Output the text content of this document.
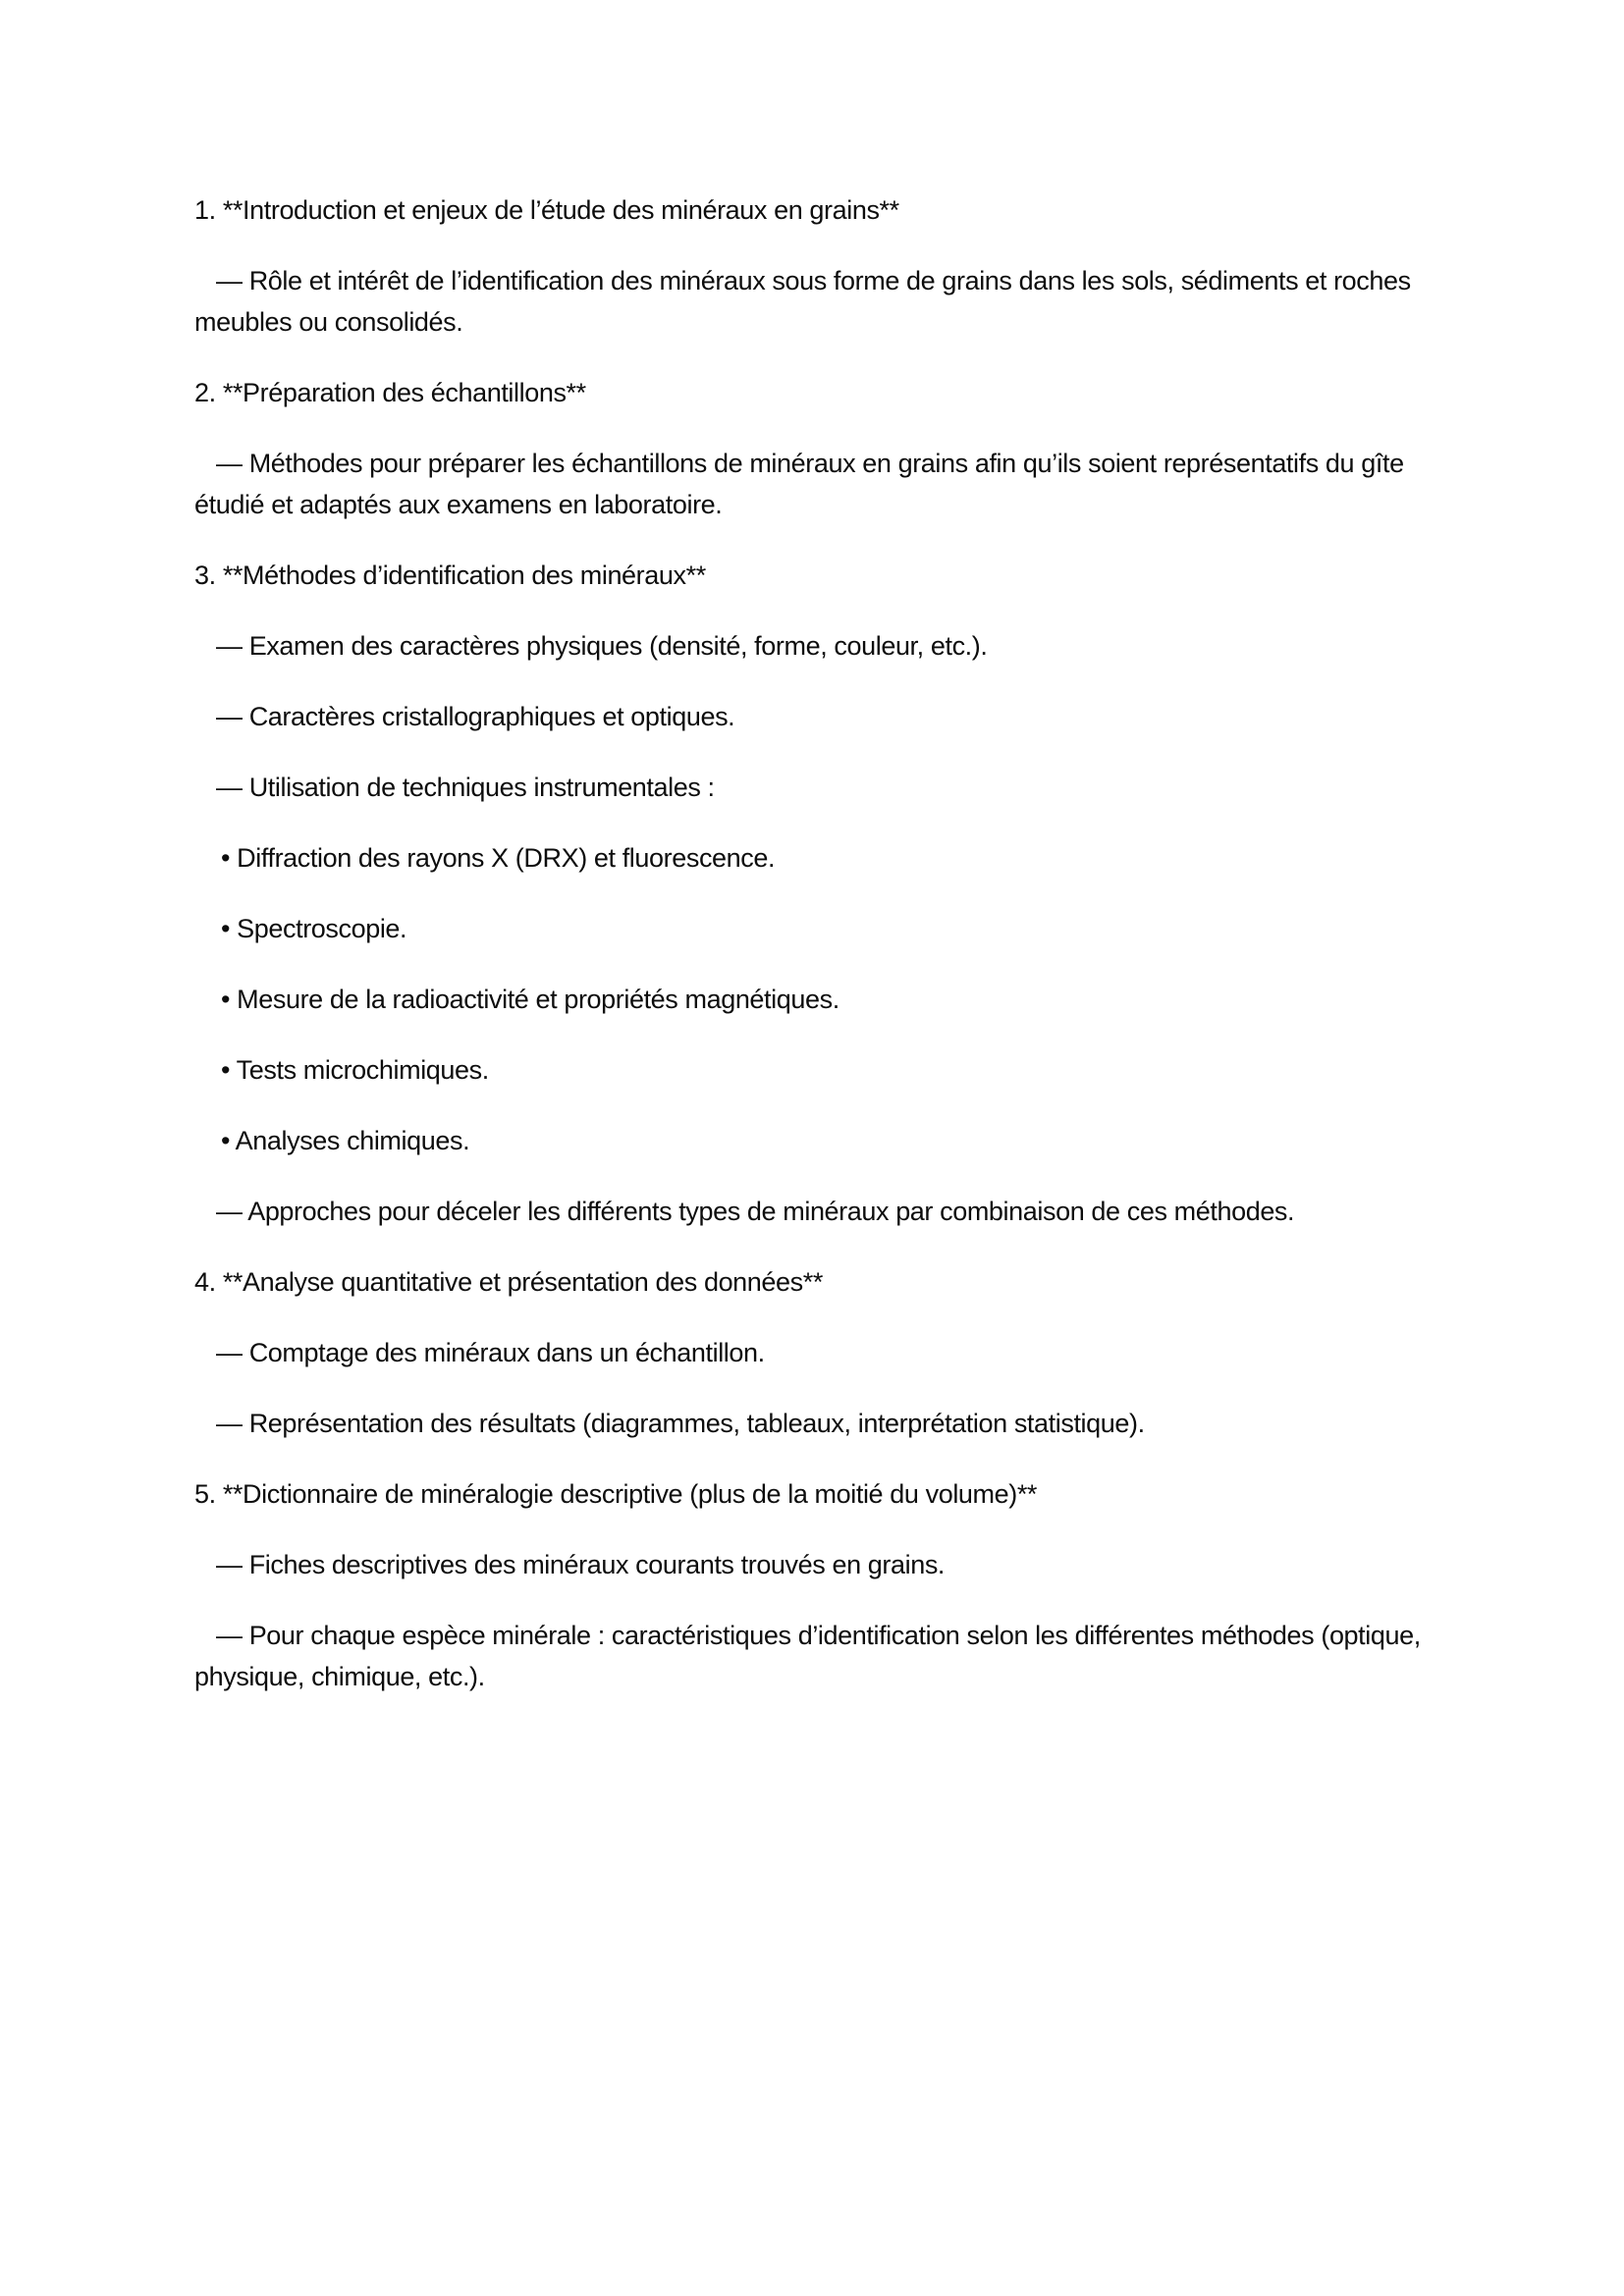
1. **Introduction et enjeux de l’étude des minéraux en grains**

— Rôle et intérêt de l’identification des minéraux sous forme de grains dans les sols, sédiments et roches meubles ou consolidés.

2. **Préparation des échantillons**

— Méthodes pour préparer les échantillons de minéraux en grains afin qu’ils soient représentatifs du gîte étudié et adaptés aux examens en laboratoire.

3. **Méthodes d’identification des minéraux**

— Examen des caractères physiques (densité, forme, couleur, etc.).

— Caractères cristallographiques et optiques.

— Utilisation de techniques instrumentales :

• Diffraction des rayons X (DRX) et fluorescence.

• Spectroscopie.

• Mesure de la radioactivité et propriétés magnétiques.

• Tests microchimiques.

• Analyses chimiques.

— Approches pour déceler les différents types de minéraux par combinaison de ces méthodes.

4. **Analyse quantitative et présentation des données**

— Comptage des minéraux dans un échantillon.

— Représentation des résultats (diagrammes, tableaux, interprétation statistique).

5. **Dictionnaire de minéralogie descriptive (plus de la moitié du volume)**

— Fiches descriptives des minéraux courants trouvés en grains.

— Pour chaque espèce minérale : caractéristiques d’identification selon les différentes méthodes (optique, physique, chimique, etc.).
